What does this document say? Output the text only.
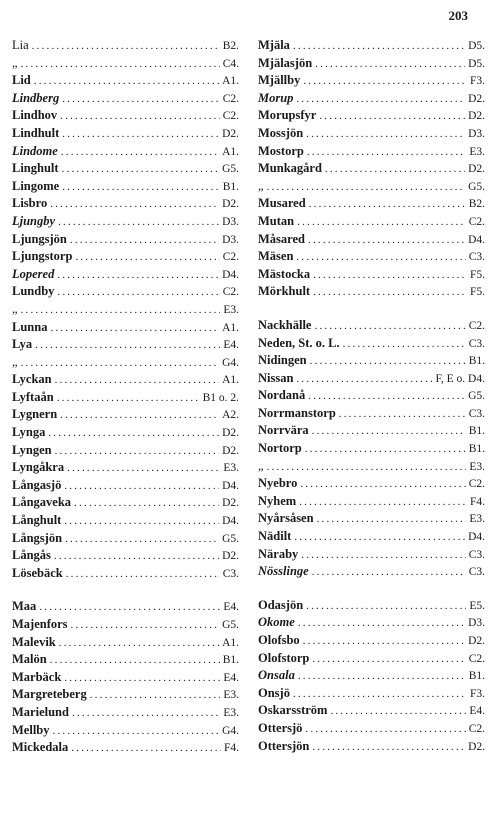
203
Lia .....	B2.
„ .....	C4.
Lid .....	A1.
Lindberg .....	C2.
Lindhov .....	C2.
Lindhult .....	D2.
Lindome .....	A1.
Linghult .....	G5.
Lingome .....	B1.
Lisbro .....	D2.
Ljungby .....	D3.
Ljungsjön .....	D3.
Ljungstorp .....	C2.
Lopered .....	D4.
Lundby .....	C2.
„ .....	E3.
Lunna .....	A1.
Lya .....	E4.
„ .....	G4.
Lyckan .....	A1.
Lyftaån .....	B1 o. 2.
Lygnern .....	A2.
Lynga .....	D2.
Lyngen .....	D2.
Lyngåkra .....	E3.
Långasjö .....	D4.
Långaveka .....	D2.
Långhult .....	D4.
Långsjön .....	G5.
Långås .....	D2.
Lösebäck .....	C3.
Maa .....	E4.
Majenfors .....	G5.
Malevik .....	A1.
Malön .....	B1.
Marbäck .....	E4.
Margreteberg .....	E3.
Marielund .....	E3.
Mellby .....	G4.
Mickedala .....	F4.
Mjäla .....	D5.
Mjälasjön .....	D5.
Mjällby .....	F3.
Morup .....	D2.
Morupsfyr .....	D2.
Mossjön .....	D3.
Mostorp .....	E3.
Munkagård .....	D2.
„ .....	G5.
Musared .....	B2.
Mutan .....	C2.
Måsared .....	D4.
Mäsen .....	C3.
Mästocka .....	F5.
Mörkhult .....	F5.
Nackhälle .....	C2.
Neden, St. o. L. .....	C3.
Nidingen .....	B1.
Nissan .....	F, E o. D4.
Nordanå .....	G5.
Norrmanstorp .....	C3.
Norrvära .....	B1.
Nortorp .....	B1.
„ .....	E3.
Nyebro .....	C2.
Nyhem .....	F4.
Nyårsåsen .....	E3.
Nädilt .....	D4.
Näraby .....	C3.
Nösslinge .....	C3.
Odasjön .....	E5.
Okome .....	D3.
Olofsbo .....	D2.
Olofstorp .....	C2.
Onsala .....	B1.
Onsjö .....	F3.
Oskarsström .....	E4.
Ottersjö .....	C2.
Ottersjön .....	D2.
